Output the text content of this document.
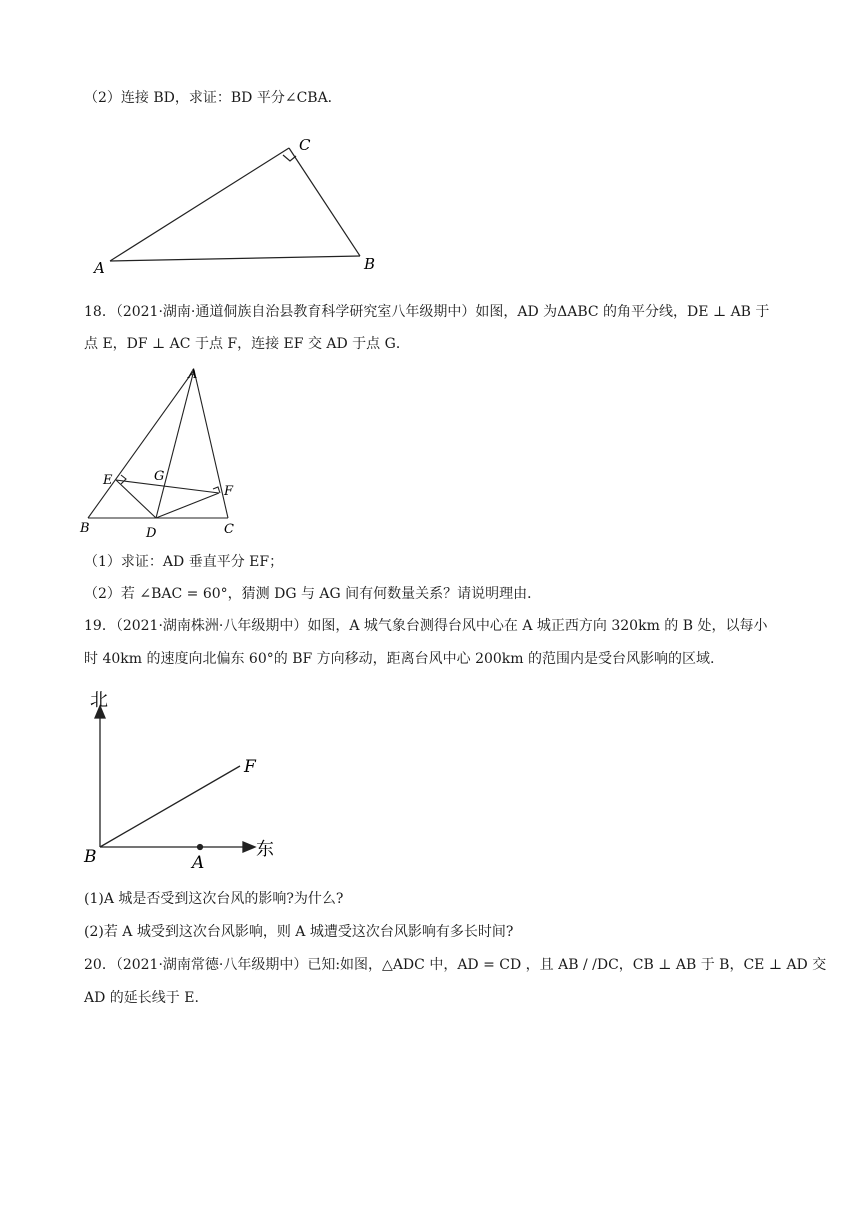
（2）连接 BD，求证：BD 平分∠CBA．
A	B
C
18．（2021·湖南·通道侗族自治县教育科学研究室八年级期中）如图，AD 为ΔABC 的角平分线，DE ⊥ AB 于
点 E，DF ⊥ AC 于点 F，连接 EF 交 AD 于点 G．
A
B	C
D
E
F
G
（1）求证：AD 垂直平分 EF；
（2）若 ∠BAC = 60°，猜测 DG 与 AG 间有何数量关系？请说明理由．
19．（2021·湖南株洲·八年级期中）如图，A 城气象台测得台风中心在 A 城正西方向 320km 的 B 处，以每小
时 40km 的速度向北偏东 60°的 BF 方向移动，距离台风中心 200km 的范围内是受台风影响的区域.
北
东
B	A
F
(1)A 城是否受到这次台风的影响?为什么?
(2)若 A 城受到这次台风影响，则 A 城遭受这次台风影响有多长时间?
20．（2021·湖南常德·八年级期中）已知:如图，△ADC 中，AD = CD ，且 AB / /DC，CB ⊥ AB 于 B，CE ⊥ AD 交
AD 的延长线于 E.
